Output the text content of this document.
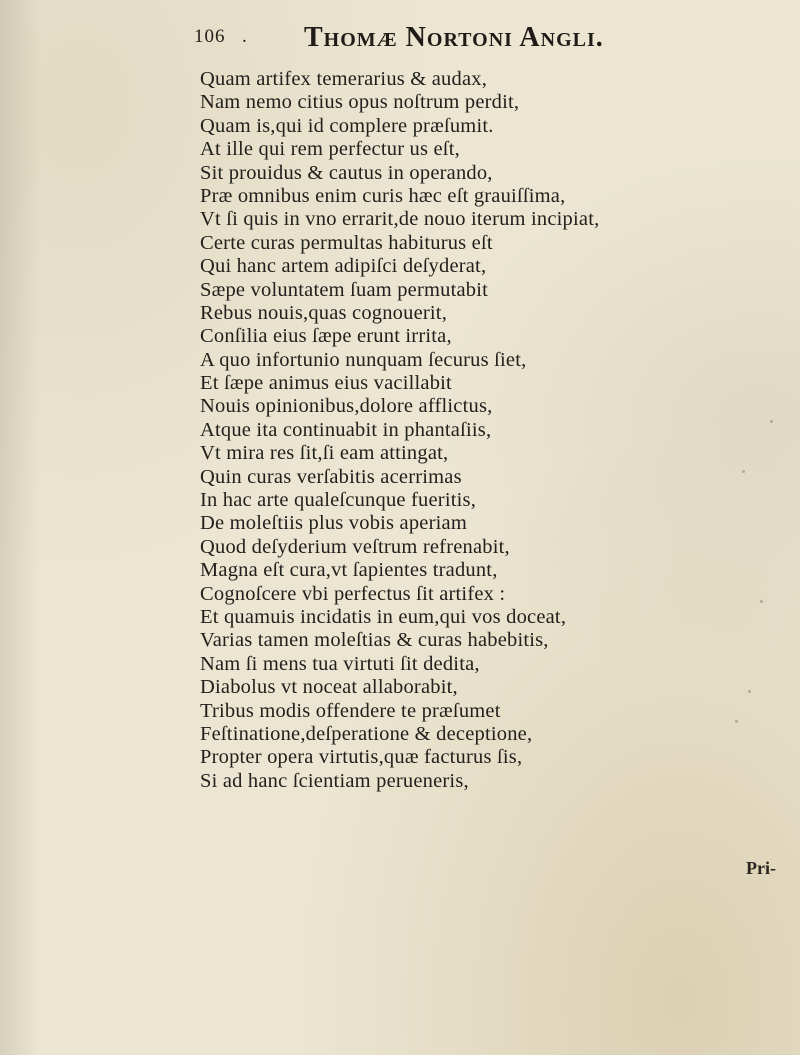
106 . Thomæ Nortoni Angli.
Quam artifex temerarius & audax,
Nam nemo citius opus noſtrum perdit,
Quam is,qui id complere præſumit.
At ille qui rem perfectur us eſt,
Sit prouidus & cautus in operando,
Præ omnibus enim curis hæc eſt grauiſſima,
Vt ſi quis in vno errarit,de nouo iterum incipiat,
Certe curas permultas habiturus eſt
Qui hanc artem adipiſci deſyderat,
Sæpe voluntatem ſuam permutabit
Rebus nouis,quas cognouerit,
Conſilia eius ſæpe erunt irrita,
A quo infortunio nunquam ſecurus ſiet,
Et ſæpe animus eius vacillabit
Nouis opinionibus,dolore afflictus,
Atque ita continuabit in phantaſiis,
Vt mira res ſit,ſi eam attingat,
Quin curas verſabitis acerrimas
In hac arte qualeſcunque fueritis,
De moleſtiis plus vobis aperiam
Quod deſyderium veſtrum refrenabit,
Magna eſt cura,vt ſapientes tradunt,
Cognoſcere vbi perfectus ſit artifex :
Et quamuis incidatis in eum,qui vos doceat,
Varias tamen moleſtias & curas habebitis,
Nam ſi mens tua virtuti ſit dedita,
Diabolus vt noceat allaborabit,
Tribus modis offendere te præſumet
Feſtinatione,deſperatione & deceptione,
Propter opera virtutis,quæ facturus ſis,
Si ad hanc ſcientiam perueneris,
Pri-
